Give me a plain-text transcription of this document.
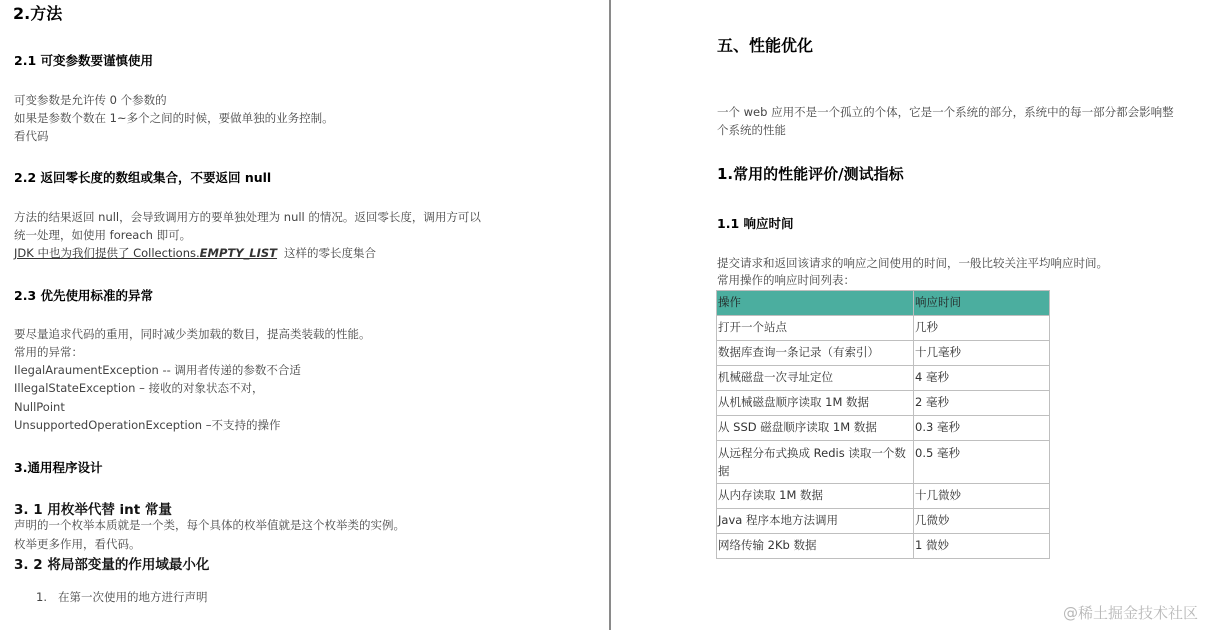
2.方法
2.1 可变参数要谨慎使用
可变参数是允许传 0 个参数的
如果是参数个数在 1~多个之间的时候，要做单独的业务控制。
看代码
2.2 返回零长度的数组或集合，不要返回 null
方法的结果返回 null，会导致调用方的要单独处理为 null 的情况。返回零长度，调用方可以
统一处理，如使用 foreach 即可。
JDK 中也为我们提供了 Collections.EMPTY_LIST 这样的零长度集合
2.3 优先使用标准的异常
要尽量追求代码的重用，同时减少类加载的数目，提高类装载的性能。
常用的异常：
IlegalAraumentException -- 调用者传递的参数不合适
IllegalStateException – 接收的对象状态不对，
NullPoint
UnsupportedOperationException –不支持的操作
3.通用程序设计
3. 1 用枚举代替 int 常量
声明的一个枚举本质就是一个类，每个具体的枚举值就是这个枚举类的实例。
枚举更多作用，看代码。
3. 2 将局部变量的作用域最小化
1. 在第一次使用的地方进行声明
五、性能优化
一个 web 应用不是一个孤立的个体，它是一个系统的部分，系统中的每一部分都会影响整
个系统的性能
1.常用的性能评价/测试指标
1.1 响应时间
提交请求和返回该请求的响应之间使用的时间，一般比较关注平均响应时间。
常用操作的响应时间列表：
操作	响应时间
打开一个站点	几秒
数据库查询一条记录（有索引）	十几毫秒
机械磁盘一次寻址定位	4 毫秒
从机械磁盘顺序读取 1M 数据	2 毫秒
从 SSD 磁盘顺序读取 1M 数据	0.3 毫秒
从远程分布式换成 Redis 读取一个数据	0.5 毫秒
从内存读取 1M 数据	十几微妙
Java 程序本地方法调用	几微妙
网络传输 2Kb 数据	1 微妙
@稀土掘金技术社区
